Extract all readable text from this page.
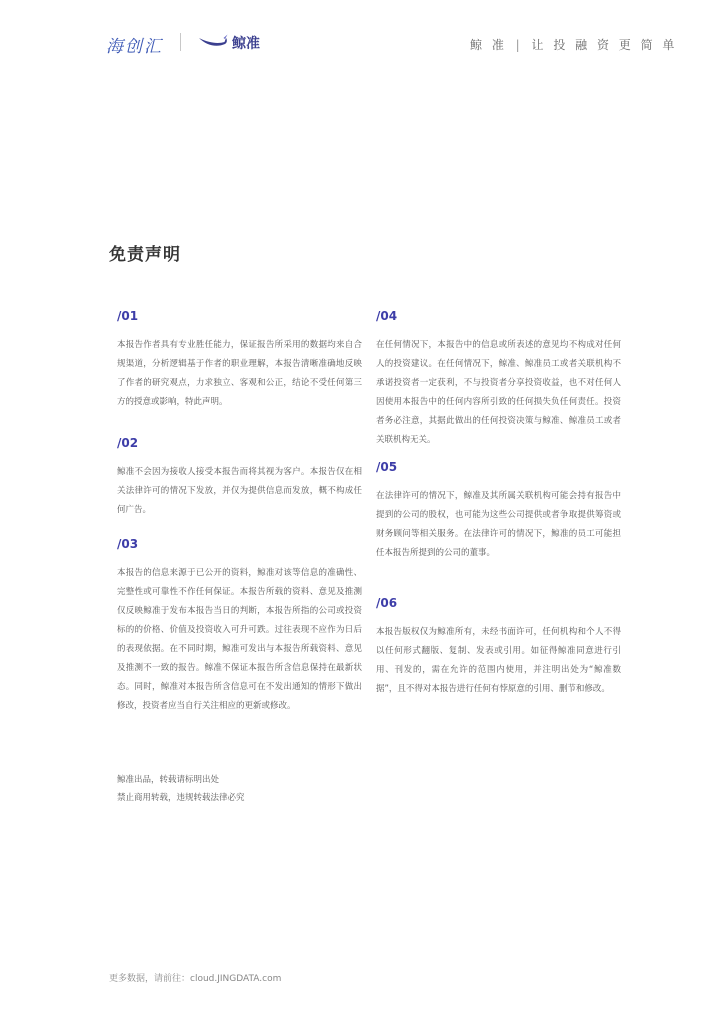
海创汇	鲸准	鲸 准 | 让 投 融 资 更 简 单
免责声明
/01

本报告作者具有专业胜任能力，保证报告所采用的数据均来自合规渠道，分析逻辑基于作者的职业理解，本报告清晰准确地反映了作者的研究观点，力求独立、客观和公正，结论不受任何第三方的授意或影响，特此声明。

/02

鲸准不会因为接收人接受本报告而将其视为客户。本报告仅在相关法律许可的情况下发放，并仅为提供信息而发放，概不构成任何广告。

/03

本报告的信息来源于已公开的资料，鲸准对该等信息的准确性、完整性或可靠性不作任何保证。本报告所载的资料、意见及推测仅反映鲸准于发布本报告当日的判断，本报告所指的公司或投资标的的价格、价值及投资收入可升可跌。过往表现不应作为日后的表现依据。在不同时期，鲸准可发出与本报告所载资料、意见及推测不一致的报告。鲸准不保证本报告所含信息保持在最新状态。同时，鲸准对本报告所含信息可在不发出通知的情形下做出修改，投资者应当自行关注相应的更新或修改。

/04

在任何情况下，本报告中的信息或所表述的意见均不构成对任何人的投资建议。在任何情况下，鲸准、鲸准员工或者关联机构不承诺投资者一定获利，不与投资者分享投资收益，也不对任何人因使用本报告中的任何内容所引致的任何损失负任何责任。投资者务必注意，其据此做出的任何投资决策与鲸准、鲸准员工或者关联机构无关。

/05

在法律许可的情况下，鲸准及其所属关联机构可能会持有报告中提到的公司的股权，也可能为这些公司提供或者争取提供筹资或财务顾问等相关服务。在法律许可的情况下，鲸准的员工可能担任本报告所提到的公司的董事。

/06

本报告版权仅为鲸准所有，未经书面许可，任何机构和个人不得以任何形式翻版、复制、发表或引用。如征得鲸准同意进行引用、刊发的，需在允许的范围内使用，并注明出处为“鲸准数据”，且不得对本报告进行任何有悖原意的引用、删节和修改。

鲸准出品，转载请标明出处
禁止商用转载，违规转载法律必究
更多数据，请前往：cloud.JINGDATA.com
